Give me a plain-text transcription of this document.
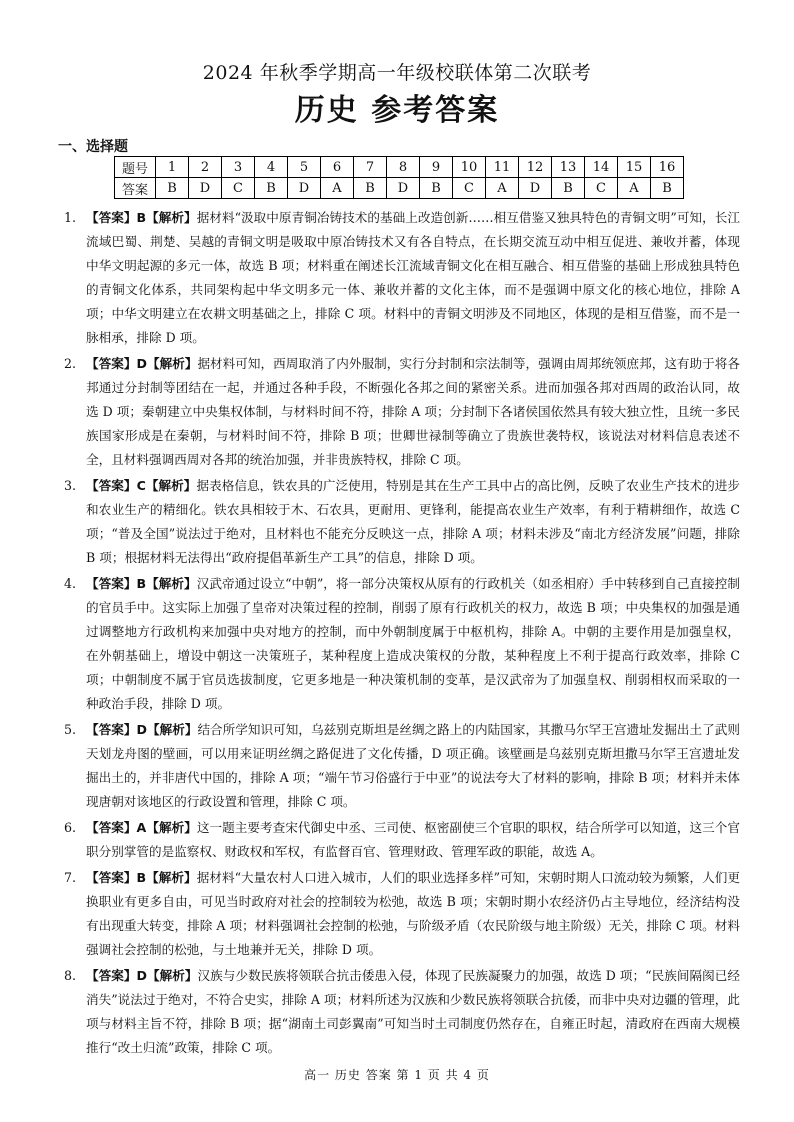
2024 年秋季学期高一年级校联体第二次联考
历史 参考答案
一、选择题
题号	1	2	3	4	5	6	7	8	9	10	11	12	13	14	15	16
答案	B	D	C	B	D	A	B	D	B	C	A	D	B	C	A	B
1. 【答案】B【解析】据材料“汲取中原青铜冶铸技术的基础上改造创新……相互借鉴又独具特色的青铜文明”可知，长江流域巴蜀、荆楚、吴越的青铜文明是吸取中原冶铸技术又有各自特点，在长期交流互动中相互促进、兼收并蓄，体现中华文明起源的多元一体，故选 B 项；材料重在阐述长江流域青铜文化在相互融合、相互借鉴的基础上形成独具特色的青铜文化体系，共同架构起中华文明多元一体、兼收并蓄的文化主体，而不是强调中原文化的核心地位，排除 A 项；中华文明建立在农耕文明基础之上，排除 C 项。材料中的青铜文明涉及不同地区，体现的是相互借鉴，而不是一脉相承，排除 D 项。
2. 【答案】D【解析】据材料可知，西周取消了内外服制，实行分封制和宗法制等，强调由周邦统领庶邦，这有助于将各邦通过分封制等团结在一起，并通过各种手段，不断强化各邦之间的紧密关系。进而加强各邦对西周的政治认同，故选 D 项；秦朝建立中央集权体制，与材料时间不符，排除 A 项；分封制下各诸侯国依然具有较大独立性，且统一多民族国家形成是在秦朝，与材料时间不符，排除 B 项；世卿世禄制等确立了贵族世袭特权，该说法对材料信息表述不全，且材料强调西周对各邦的统治加强，并非贵族特权，排除 C 项。
3. 【答案】C【解析】据表格信息，铁农具的广泛使用，特别是其在生产工具中占的高比例，反映了农业生产技术的进步和农业生产的精细化。铁农具相较于木、石农具，更耐用、更锋利，能提高农业生产效率，有利于精耕细作，故选 C 项；“普及全国”说法过于绝对，且材料也不能充分反映这一点，排除 A 项；材料未涉及“南北方经济发展”问题，排除 B 项；根据材料无法得出“政府提倡革新生产工具”的信息，排除 D 项。
4. 【答案】B【解析】汉武帝通过设立“中朝”，将一部分决策权从原有的行政机关（如丞相府）手中转移到自己直接控制的官员手中。这实际上加强了皇帝对决策过程的控制，削弱了原有行政机关的权力，故选 B 项；中央集权的加强是通过调整地方行政机构来加强中央对地方的控制，而中外朝制度属于中枢机构，排除 A。中朝的主要作用是加强皇权，在外朝基础上，增设中朝这一决策班子，某种程度上造成决策权的分散，某种程度上不利于提高行政效率，排除 C 项；中朝制度不属于官员选拔制度，它更多地是一种决策机制的变革，是汉武帝为了加强皇权、削弱相权而采取的一种政治手段，排除 D 项。
5. 【答案】D【解析】结合所学知识可知，乌兹别克斯坦是丝绸之路上的内陆国家，其撒马尔罕王宫遗址发掘出土了武则天划龙舟图的壁画，可以用来证明丝绸之路促进了文化传播，D 项正确。该壁画是乌兹别克斯坦撒马尔罕王宫遗址发掘出土的，并非唐代中国的，排除 A 项；“端午节习俗盛行于中亚”的说法夸大了材料的影响，排除 B 项；材料并未体现唐朝对该地区的行政设置和管理，排除 C 项。
6. 【答案】A【解析】这一题主要考查宋代御史中丞、三司使、枢密副使三个官职的职权，结合所学可以知道，这三个官职分别掌管的是监察权、财政权和军权，有监督百官、管理财政、管理军政的职能，故选 A。
7. 【答案】B【解析】据材料“大量农村人口进入城市，人们的职业选择多样”可知，宋朝时期人口流动较为频繁，人们更换职业有更多自由，可见当时政府对社会的控制较为松弛，故选 B 项；宋朝时期小农经济仍占主导地位，经济结构没有出现重大转变，排除 A 项；材料强调社会控制的松弛，与阶级矛盾（农民阶级与地主阶级）无关，排除 C 项。材料强调社会控制的松弛，与土地兼并无关，排除 D 项。
8. 【答案】D【解析】汉族与少数民族将领联合抗击倭患入侵，体现了民族凝聚力的加强，故选 D 项；“民族间隔阂已经消失”说法过于绝对，不符合史实，排除 A 项；材料所述为汉族和少数民族将领联合抗倭，而非中央对边疆的管理，此项与材料主旨不符，排除 B 项；据“湖南土司彭翼南”可知当时土司制度仍然存在，自雍正时起，清政府在西南大规模推行“改土归流”政策，排除 C 项。
高一 历史 答案 第 1 页 共 4 页
